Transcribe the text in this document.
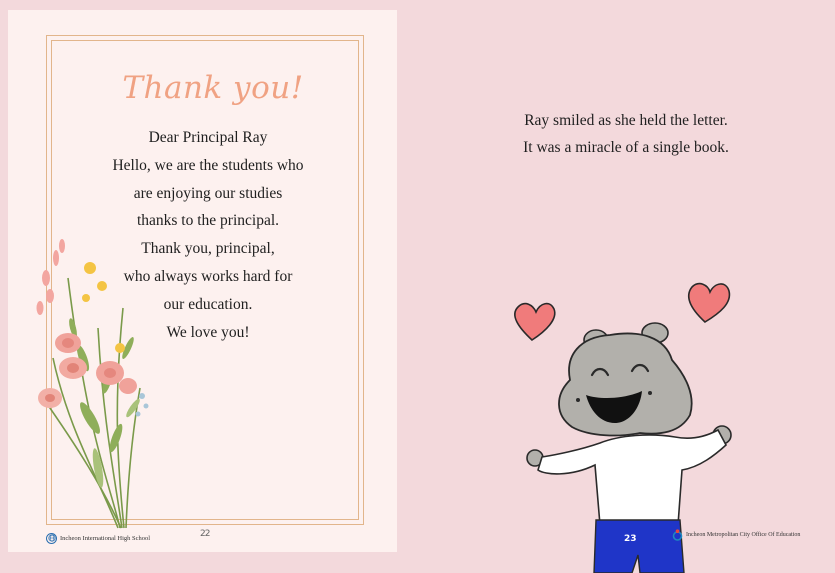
Thank you!
Dear Principal Ray
Hello, we are the students who
are enjoying our studies
thanks to the principal.
Thank you, principal,
who always works hard for
our education.
We love you!
Incheon International High School	22
Ray smiled as she held the letter.
It was a miracle of a single book.
23	Incheon Metropolitan City Office Of Education
